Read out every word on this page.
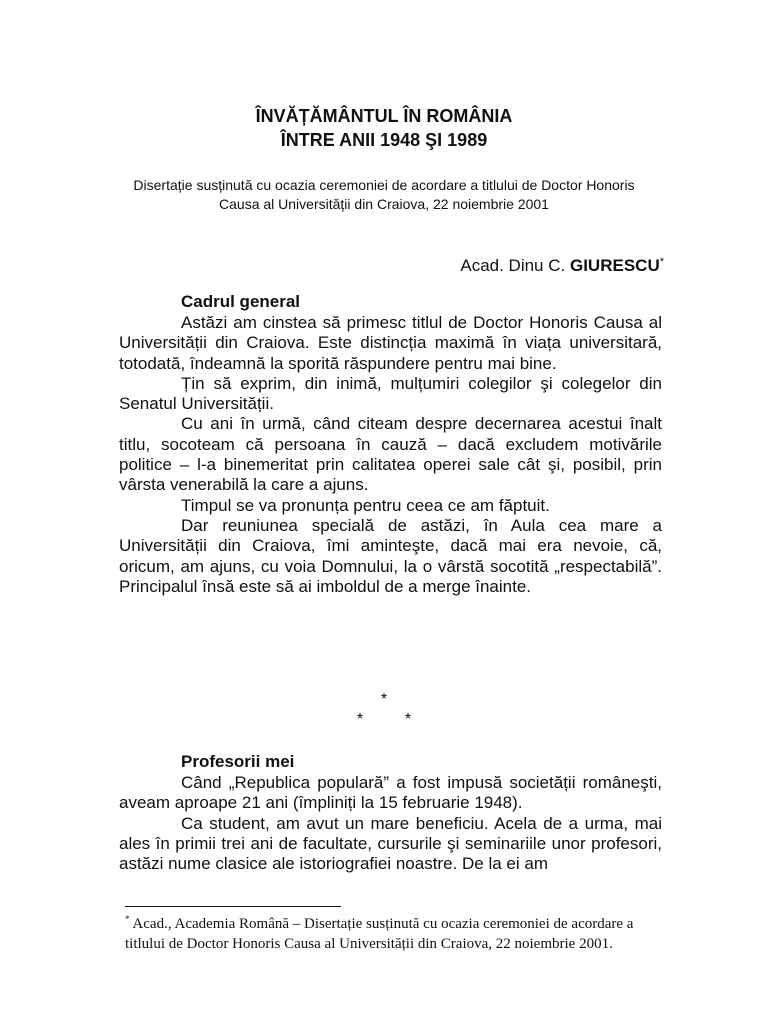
ÎNVĂȚĂMÂNTUL ÎN ROMÂNIA
ÎNTRE ANII 1948 ŞI 1989
Disertație susținută cu ocazia ceremoniei de acordare a titlului de Doctor Honoris
Causa al Universității din Craiova, 22 noiembrie 2001
Acad. Dinu C. GIURESCU*
Cadrul general

Astăzi am cinstea să primesc titlul de Doctor Honoris Causa al Universității din Craiova. Este distincția maximă în viața universitară, totodată, îndeamnă la sporită răspundere pentru mai bine.

Țin să exprim, din inimă, mulțumiri colegilor şi colegelor din Senatul Universității.

Cu ani în urmă, când citeam despre decernarea acestui înalt titlu, socoteam că persoana în cauză – dacă excludem motivările politice – l-a binemeritat prin calitatea operei sale cât şi, posibil, prin vârsta venerabilă la care a ajuns.

Timpul se va pronunța pentru ceea ce am făptuit.

Dar reuniunea specială de astăzi, în Aula cea mare a Universității din Craiova, îmi aminteşte, dacă mai era nevoie, că, oricum, am ajuns, cu voia Domnului, la o vârstă socotită „respectabilă”. Principalul însă este să ai imboldul de a merge înainte.

*
*	*
Profesorii mei

Când „Republica populară” a fost impusă societății româneşti, aveam aproape 21 ani (împliniți la 15 februarie 1948).

Ca student, am avut un mare beneficiu. Acela de a urma, mai ales în primii trei ani de facultate, cursurile şi seminariile unor profesori, astăzi nume clasice ale istoriografiei noastre. De la ei am

* Acad., Academia Română – Disertație susținută cu ocazia ceremoniei de acordare a titlului de Doctor Honoris Causa al Universității din Craiova, 22 noiembrie 2001.
